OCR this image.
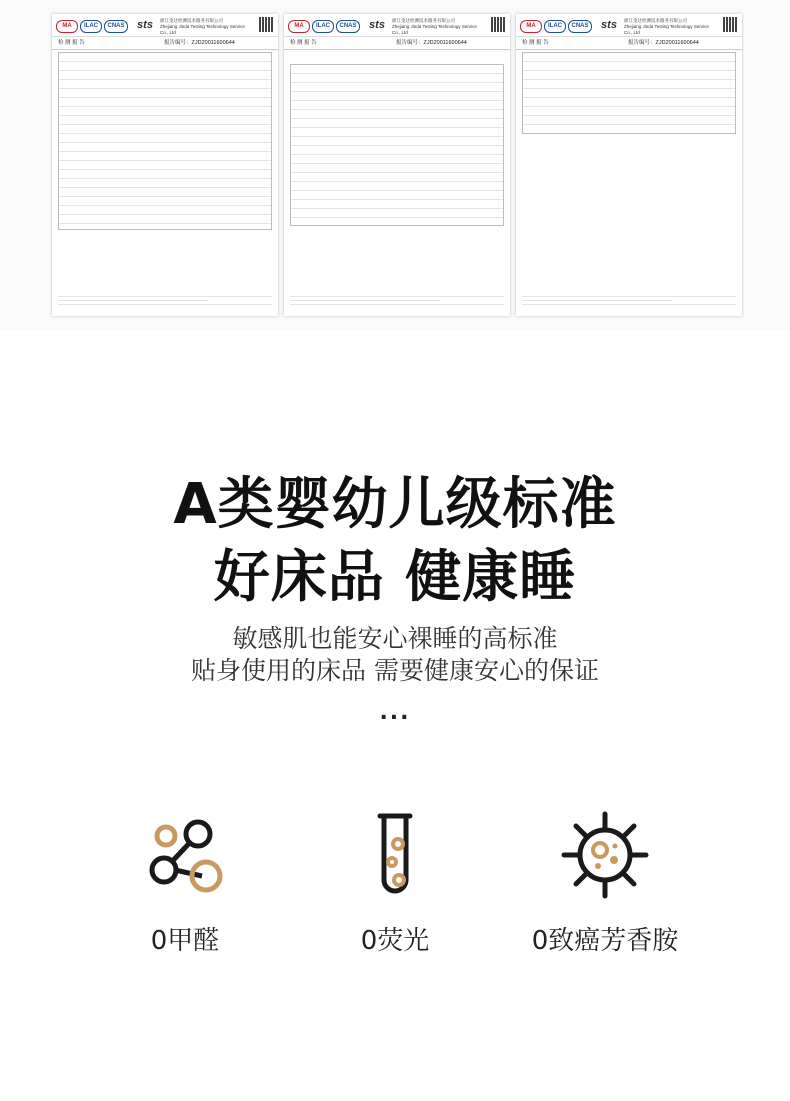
MA	ILAC	CNAS	sts	浙江金达检测技术服务有限公司
Zhejiang Jinda Testing Technology Service Co., Ltd
检 测 报 告	报告编号：ZJD20011600644
MA	ILAC	CNAS	sts	浙江金达检测技术服务有限公司
Zhejiang Jinda Testing Technology Service Co., Ltd
检 测 报 告	报告编号：ZJD20011600644
MA	ILAC	CNAS	sts	浙江金达检测技术服务有限公司
Zhejiang Jinda Testing Technology Service Co., Ltd
检 测 报 告	报告编号：ZJD20011600644
A类婴幼儿级标准
好床品 健康睡
敏感肌也能安心裸睡的高标准
贴身使用的床品 需要健康安心的保证
...
0甲醛	0荧光	0致癌芳香胺
